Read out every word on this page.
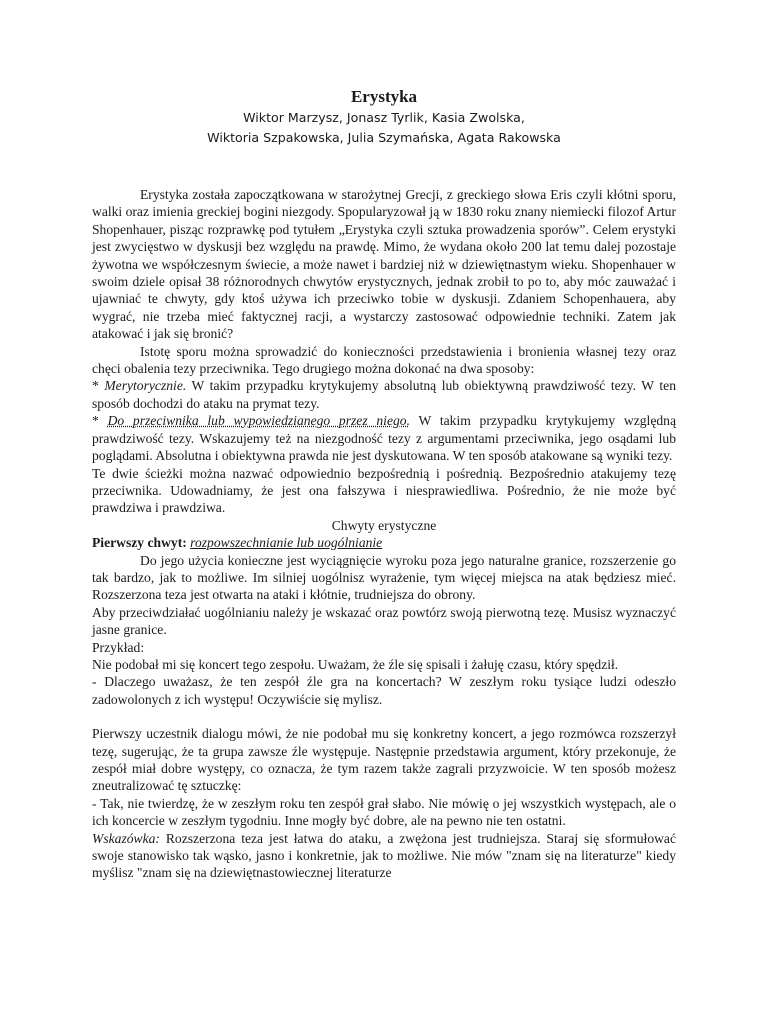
Erystyka
Wiktor Marzysz, Jonasz Tyrlik, Kasia Zwolska,
Wiktoria Szpakowska, Julia Szymańska, Agata Rakowska

Erystyka została zapoczątkowana w starożytnej Grecji, z greckiego słowa Eris czyli kłótni sporu, walki oraz imienia greckiej bogini niezgody. Spopularyzował ją w 1830 roku znany niemiecki filozof Artur Shopenhauer, pisząc rozprawkę pod tytułem „Erystyka czyli sztuka prowadzenia sporów”. Celem erystyki jest zwycięstwo w dyskusji bez względu na prawdę. Mimo, że wydana około 200 lat temu dalej pozostaje żywotna we współczesnym świecie, a może nawet i bardziej niż w dziewiętnastym wieku. Shopenhauer w swoim dziele opisał 38 różnorodnych chwytów erystycznych, jednak zrobił to po to, aby móc zauważać i ujawniać te chwyty, gdy ktoś używa ich przeciwko tobie w dyskusji. Zdaniem Schopenhauera, aby wygrać, nie trzeba mieć faktycznej racji, a wystarczy zastosować odpowiednie techniki. Zatem jak atakować i jak się bronić?

Istotę sporu można sprowadzić do konieczności przedstawienia i bronienia własnej tezy oraz chęci obalenia tezy przeciwnika. Tego drugiego można dokonać na dwa sposoby:

* Merytorycznie. W takim przypadku krytykujemy absolutną lub obiektywną prawdziwość tezy. W ten sposób dochodzi do ataku na prymat tezy.

* Do przeciwnika lub wypowiedzianego przez niego. W takim przypadku krytykujemy względną prawdziwość tezy. Wskazujemy też na niezgodność tezy z argumentami przeciwnika, jego osądami lub poglądami. Absolutna i obiektywna prawda nie jest dyskutowana. W ten sposób atakowane są wyniki tezy.

Te dwie ścieżki można nazwać odpowiednio bezpośrednią i pośrednią. Bezpośrednio atakujemy tezę przeciwnika. Udowadniamy, że jest ona fałszywa i niesprawiedliwa. Pośrednio, że nie może być prawdziwa i prawdziwa.

Chwyty erystyczne

Pierwszy chwyt: rozpowszechnianie lub uogólnianie

Do jego użycia konieczne jest wyciągnięcie wyroku poza jego naturalne granice, rozszerzenie go tak bardzo, jak to możliwe. Im silniej uogólnisz wyrażenie, tym więcej miejsca na atak będziesz mieć. Rozszerzona teza jest otwarta na ataki i kłótnie, trudniejsza do obrony.

Aby przeciwdziałać uogólnianiu należy je wskazać oraz powtórz swoją pierwotną tezę. Musisz wyznaczyć jasne granice.

Przykład:

Nie podobał mi się koncert tego zespołu. Uważam, że źle się spisali i żałuję czasu, który spędził.

- Dlaczego uważasz, że ten zespół źle gra na koncertach? W zeszłym roku tysiące ludzi odeszło zadowolonych z ich występu! Oczywiście się mylisz.

Pierwszy uczestnik dialogu mówi, że nie podobał mu się konkretny koncert, a jego rozmówca rozszerzył tezę, sugerując, że ta grupa zawsze źle występuje. Następnie przedstawia argument, który przekonuje, że zespół miał dobre występy, co oznacza, że tym razem także zagrali przyzwoicie. W ten sposób możesz zneutralizować tę sztuczkę:

- Tak, nie twierdzę, że w zeszłym roku ten zespół grał słabo. Nie mówię o jej wszystkich występach, ale o ich koncercie w zeszłym tygodniu. Inne mogły być dobre, ale na pewno nie ten ostatni.

Wskazówka: Rozszerzona teza jest łatwa do ataku, a zwężona jest trudniejsza. Staraj się sformułować swoje stanowisko tak wąsko, jasno i konkretnie, jak to możliwe. Nie mów "znam się na literaturze" kiedy myślisz "znam się na dziewiętnastowiecznej literaturze
